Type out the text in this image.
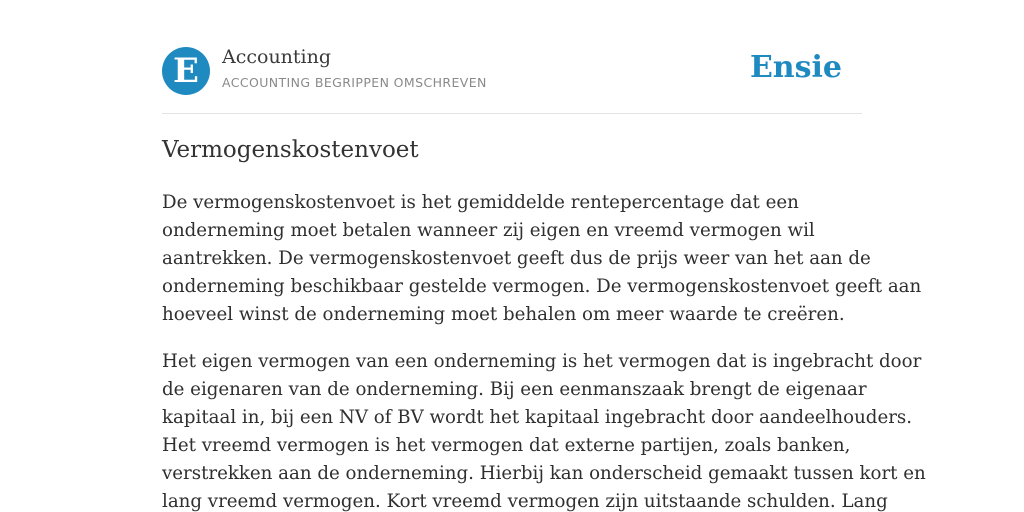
E	Accounting
ACCOUNTING BEGRIPPEN OMSCHREVEN	Ensie
Vermogenskostenvoet

De vermogenskostenvoet is het gemiddelde rentepercentage dat een
onderneming moet betalen wanneer zij eigen en vreemd vermogen wil
aantrekken. De vermogenskostenvoet geeft dus de prijs weer van het aan de
onderneming beschikbaar gestelde vermogen. De vermogenskostenvoet geeft aan
hoeveel winst de onderneming moet behalen om meer waarde te creëren.

Het eigen vermogen van een onderneming is het vermogen dat is ingebracht door
de eigenaren van de onderneming. Bij een eenmanszaak brengt de eigenaar
kapitaal in, bij een NV of BV wordt het kapitaal ingebracht door aandeelhouders.
Het vreemd vermogen is het vermogen dat externe partijen, zoals banken,
verstrekken aan de onderneming. Hierbij kan onderscheid gemaakt tussen kort en
lang vreemd vermogen. Kort vreemd vermogen zijn uitstaande schulden. Lang
